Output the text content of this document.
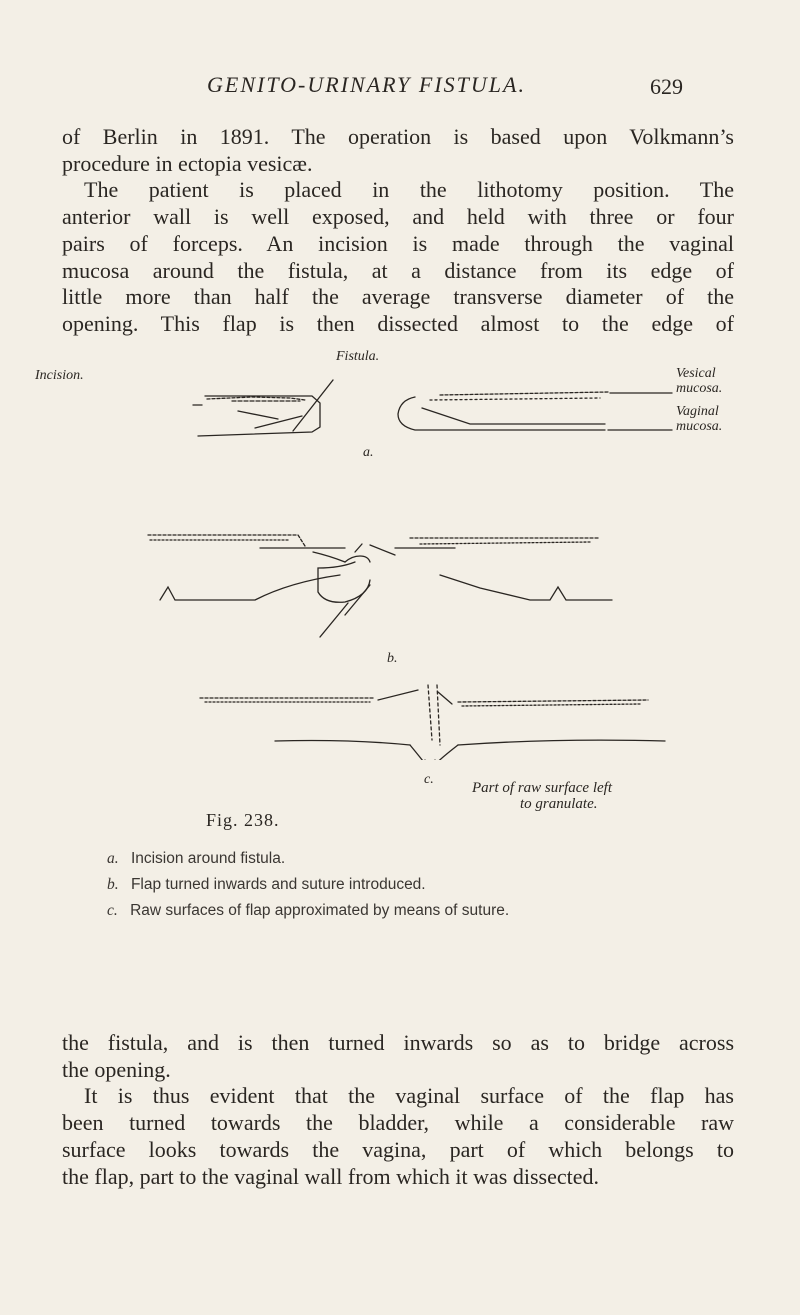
GENITO-URINARY FISTULA.	629
of Berlin in 1891. The operation is based upon Volkmann’s
procedure in ectopia vesicæ.
The patient is placed in the lithotomy position. The
anterior wall is well exposed, and held with three or four
pairs of forceps. An incision is made through the vaginal
mucosa around the fistula, at a distance from its edge of
little more than half the average transverse diameter of the
opening. This flap is then dissected almost to the edge of
Incision.
Fistula.
Vesical
mucosa.
Vaginal
mucosa.
a.
b.
c.
Part of raw surface left
to granulate.
Fig. 238.
a. Incision around fistula.
b. Flap turned inwards and suture introduced.
c. Raw surfaces of flap approximated by means of suture.
the fistula, and is then turned inwards so as to bridge across
the opening.
It is thus evident that the vaginal surface of the flap has
been turned towards the bladder, while a considerable raw
surface looks towards the vagina, part of which belongs to
the flap, part to the vaginal wall from which it was dissected.
